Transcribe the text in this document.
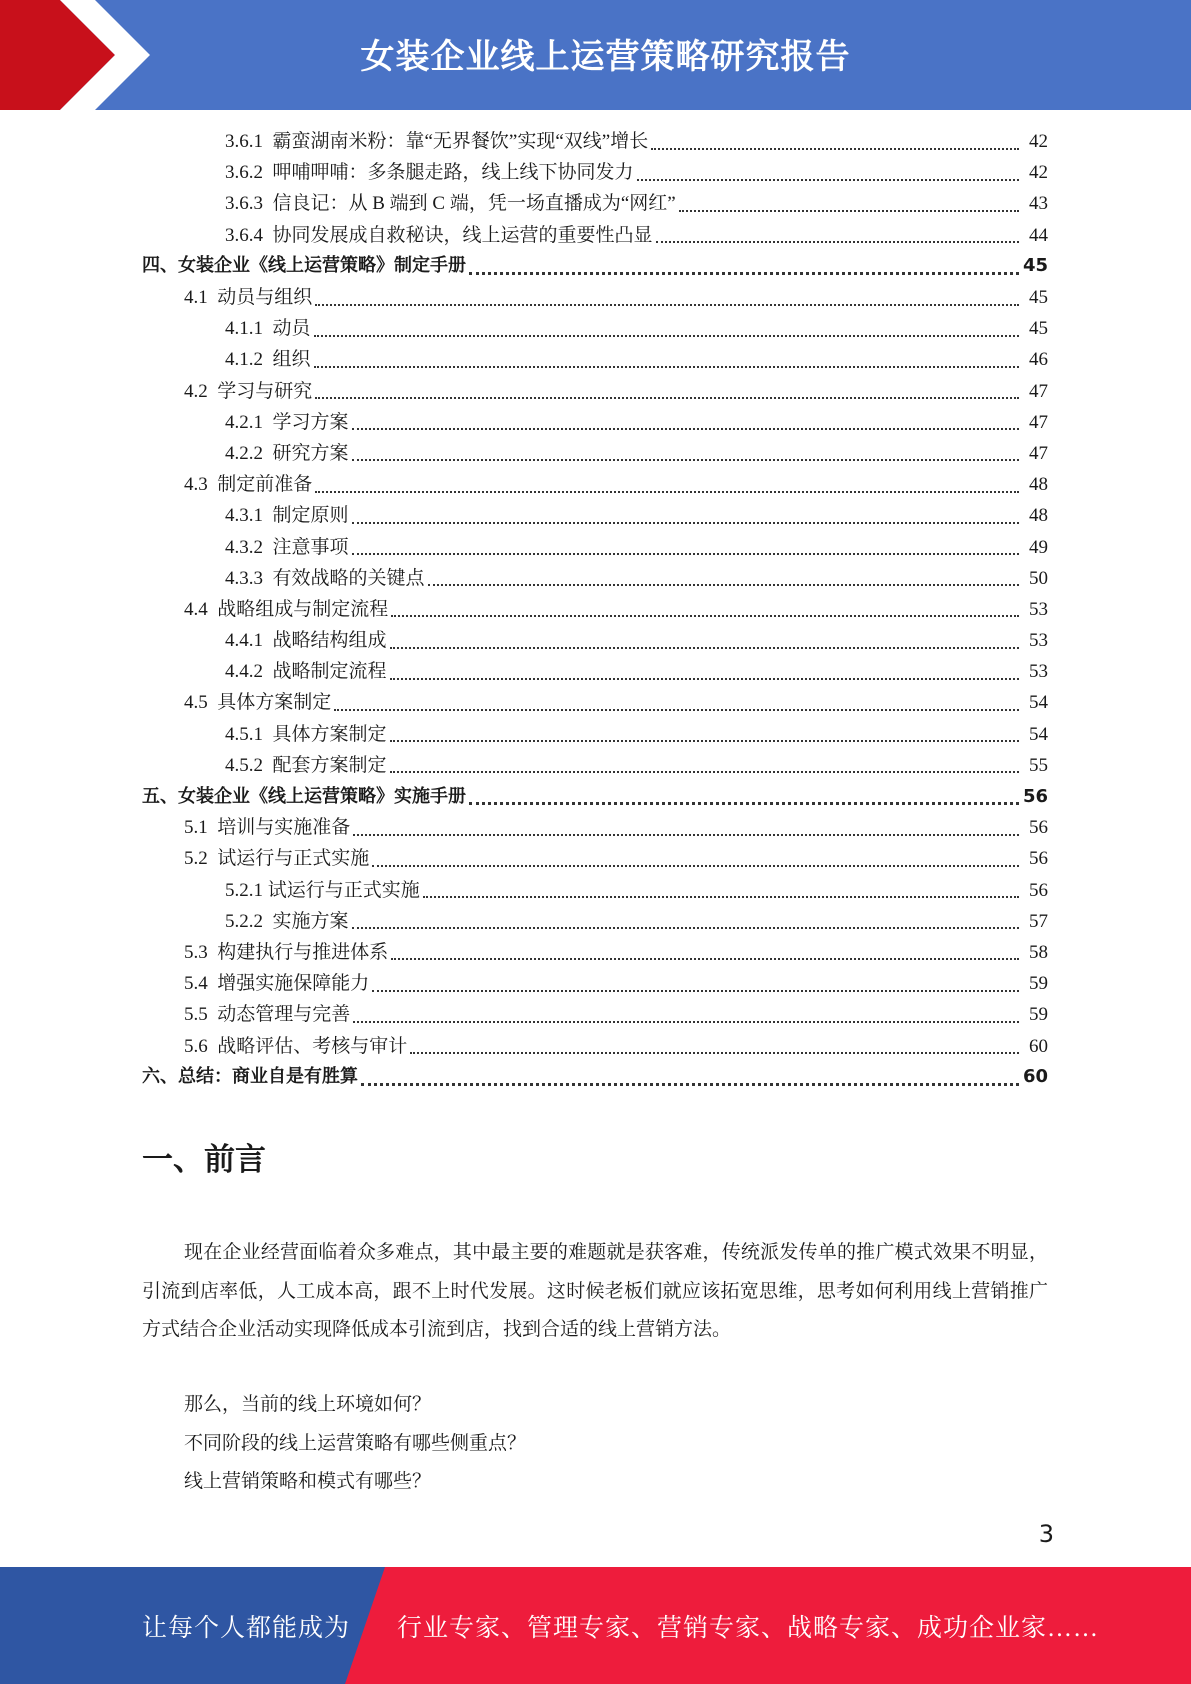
女装企业线上运营策略研究报告
3.6.1 霸蛮湖南米粉：靠“无界餐饮”实现“双线”增长	42
3.6.2 呷哺呷哺：多条腿走路，线上线下协同发力	42
3.6.3 信良记：从 B 端到 C 端，凭一场直播成为“网红”	43
3.6.4 协同发展成自救秘诀，线上运营的重要性凸显	44
四、女装企业《线上运营策略》制定手册	45
4.1 动员与组织	45
4.1.1 动员	45
4.1.2 组织	46
4.2 学习与研究	47
4.2.1 学习方案	47
4.2.2 研究方案	47
4.3 制定前准备	48
4.3.1 制定原则	48
4.3.2 注意事项	49
4.3.3 有效战略的关键点	50
4.4 战略组成与制定流程	53
4.4.1 战略结构组成	53
4.4.2 战略制定流程	53
4.5 具体方案制定	54
4.5.1 具体方案制定	54
4.5.2 配套方案制定	55
五、女装企业《线上运营策略》实施手册	56
5.1 培训与实施准备	56
5.2 试运行与正式实施	56
5.2.1 试运行与正式实施	56
5.2.2 实施方案	57
5.3 构建执行与推进体系	58
5.4 增强实施保障能力	59
5.5 动态管理与完善	59
5.6 战略评估、考核与审计	60
六、总结：商业自是有胜算	60
一、前言

现在企业经营面临着众多难点，其中最主要的难题就是获客难，传统派发传单的推广模式效果不明显，引流到店率低，人工成本高，跟不上时代发展。这时候老板们就应该拓宽思维，思考如何利用线上营销推广方式结合企业活动实现降低成本引流到店，找到合适的线上营销方法。

那么，当前的线上环境如何？
不同阶段的线上运营策略有哪些侧重点？
线上营销策略和模式有哪些？
3
让每个人都能成为 行业专家、管理专家、营销专家、战略专家、成功企业家……
